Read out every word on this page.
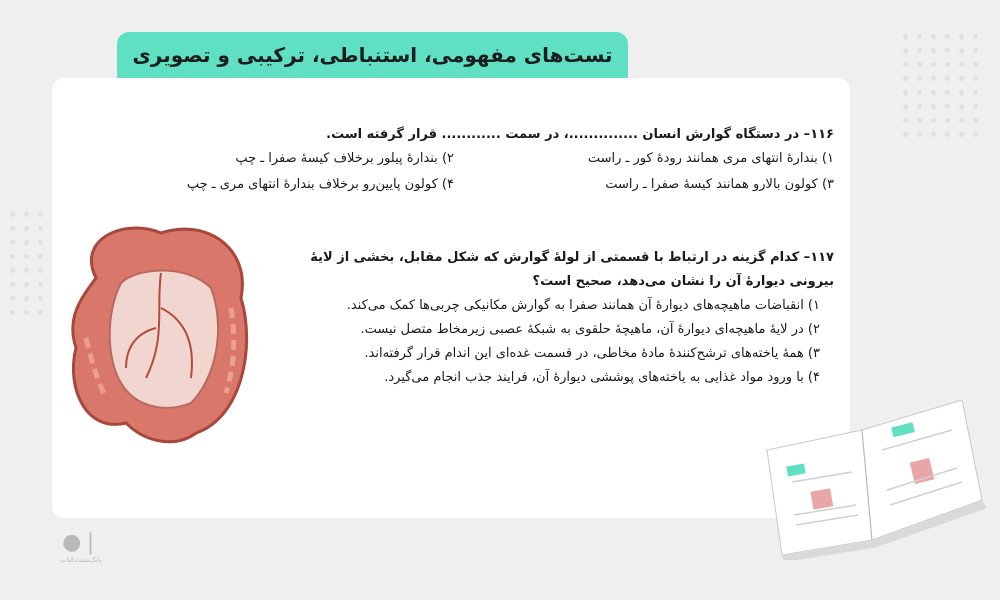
تست‌های مفهومی، استنباطی، ترکیبی و تصویری
۱۱۶– در دستگاه گوارش انسان ..............، در سمت ............ قرار گرفته است.
۱) بندارهٔ انتهای مری همانند رودهٔ کور ـ راست
۲) بندارهٔ پیلور برخلاف کیسهٔ صفرا ـ چپ
۳) کولون بالارو همانند کیسهٔ صفرا ـ راست
۴) کولون پایین‌رو برخلاف بندارهٔ انتهای مری ـ چپ
۱۱۷– کدام گزینه در ارتباط با قسمتی از لولهٔ گوارش که شکل مقابل، بخشی از لایهٔ بیرونی دیوارهٔ آن را نشان می‌دهد، صحیح است؟
۱) انقباضات ماهیچه‌های دیوارهٔ آن همانند صفرا به گوارش مکانیکی چربی‌ها کمک می‌کند.
۲) در لایهٔ ماهیچه‌ای دیوارهٔ آن، ماهیچهٔ حلقوی به شبکهٔ عصبی زیرمخاط متصل نیست.
۳) همهٔ یاخته‌های ترشح‌کنندهٔ مادهٔ مخاطی، در قسمت غده‌ای این اندام قرار گرفته‌اند.
۴) با ورود مواد غذایی به یاخته‌های پوششی دیوارهٔ آن، فرایند جذب انجام می‌گیرد.
❘●
بانک‌تست‌کتاب
